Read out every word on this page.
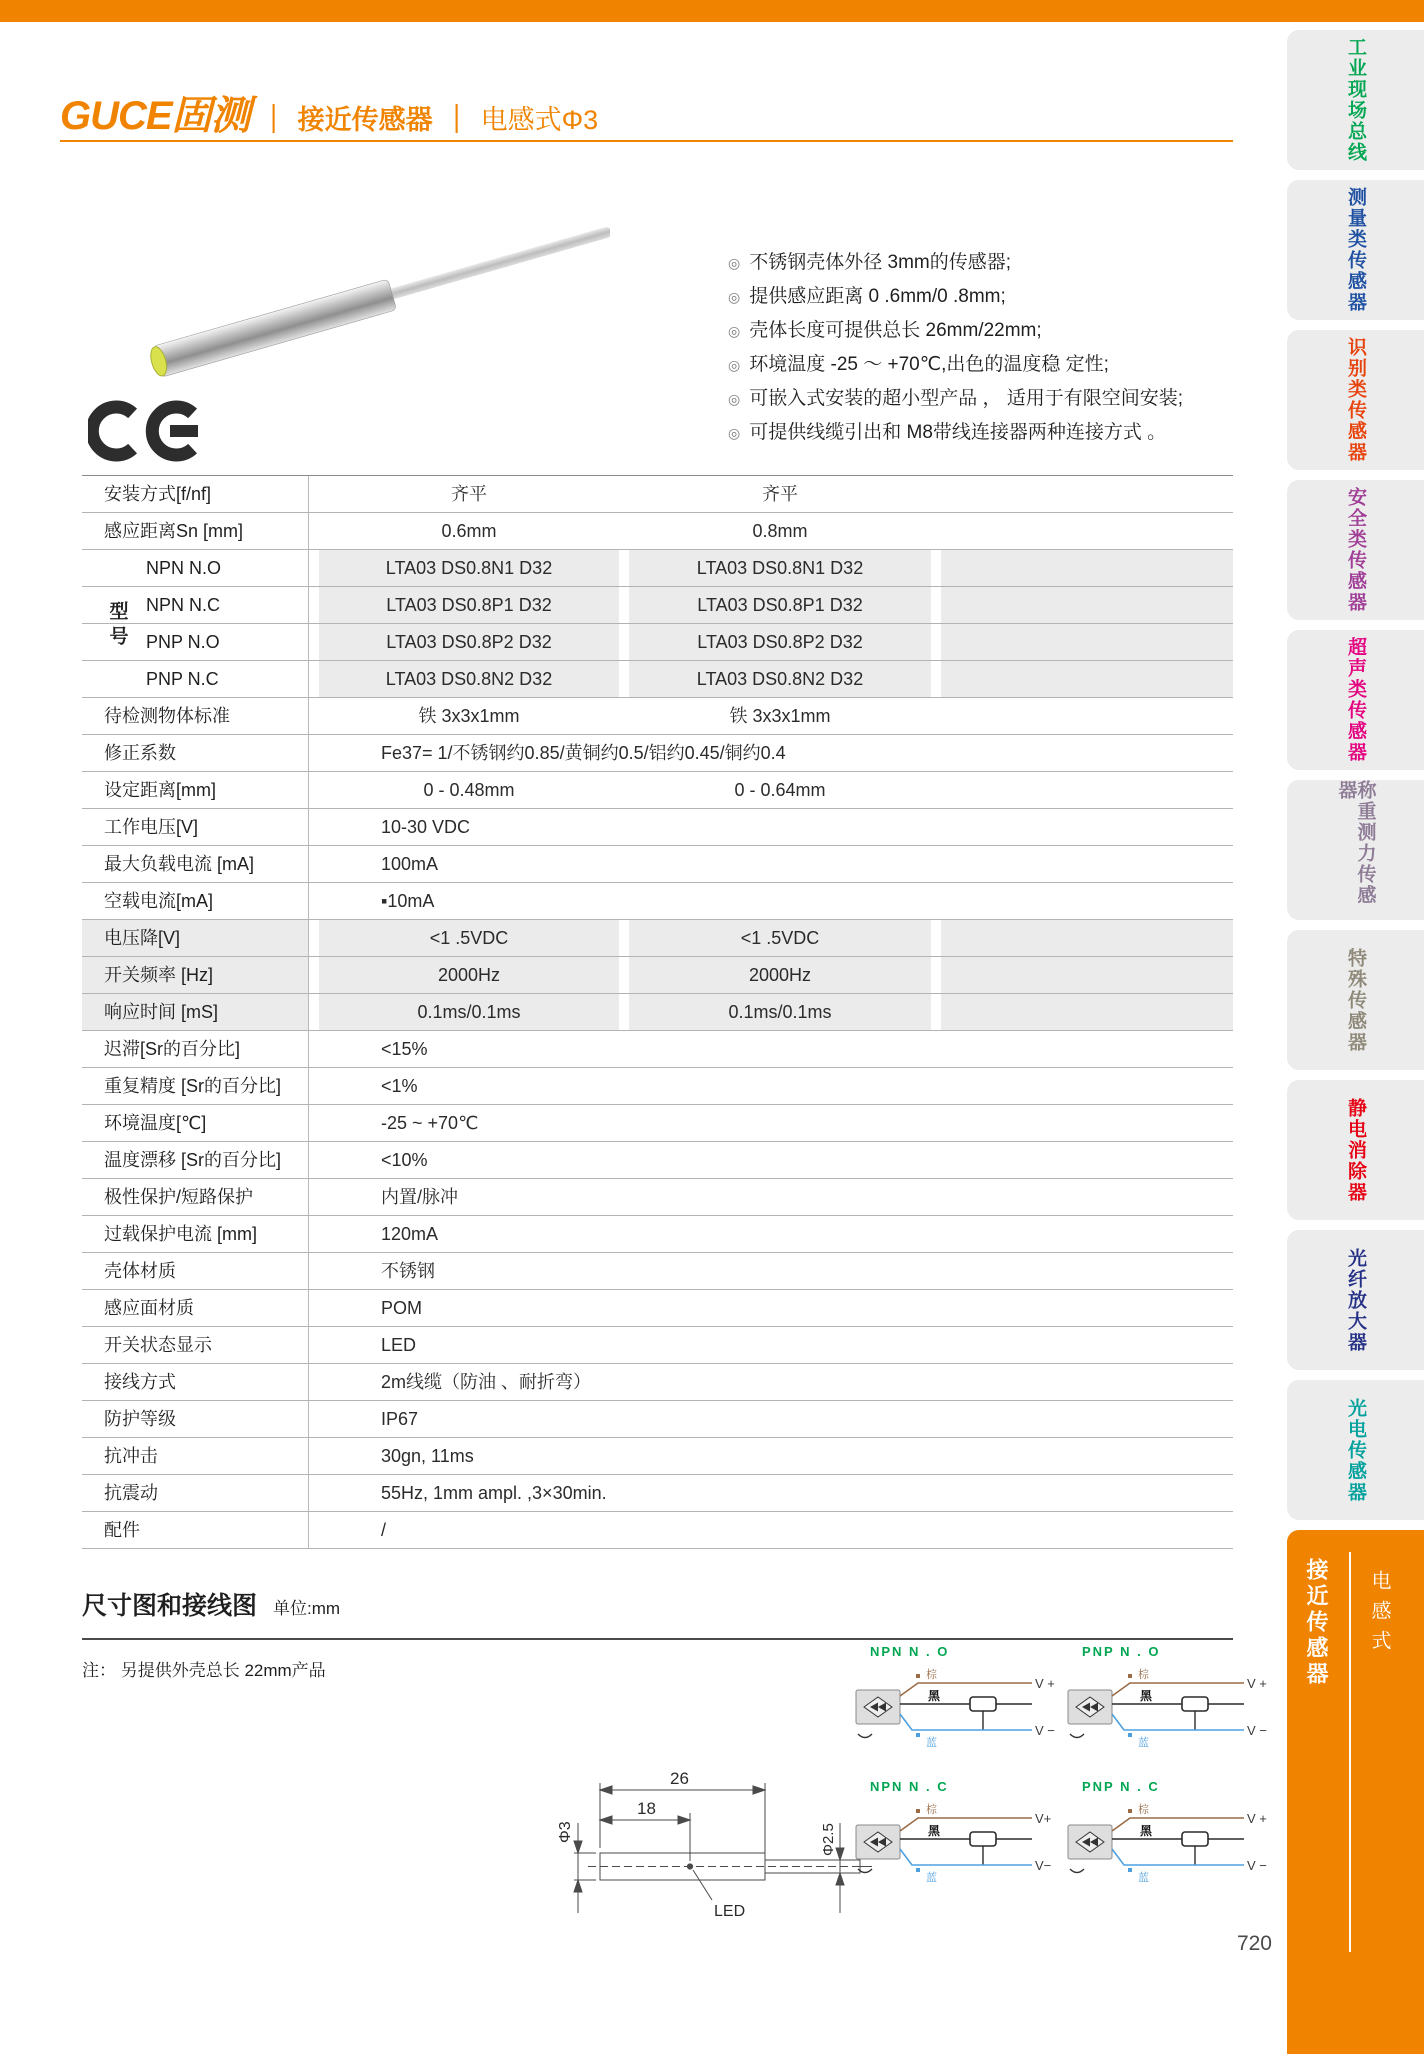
GUCE固测 ｜ 接近传感器 ｜ 电感式Φ3
◎ 不锈钢壳体外径 3mm的传感器;
◎ 提供感应距离 0 .6mm/0 .8mm;
◎ 壳体长度可提供总长 26mm/22mm;
◎ 环境温度 -25 ～ +70℃,出色的温度稳 定性;
◎ 可嵌入式安装的超小型产品 ， 适用于有限空间安装;
◎ 可提供线缆引出和 M8带线连接器两种连接方式 。
安装方式[f/nf]	齐平	齐平
感应距离Sn [mm]	0.6mm	0.8mm
NPN N.O	LTA03 DS0.8N1 D32	LTA03 DS0.8N1 D32
NPN N.C	LTA03 DS0.8P1 D32	LTA03 DS0.8P1 D32
PNP N.O	LTA03 DS0.8P2 D32	LTA03 DS0.8P2 D32
PNP N.C	LTA03 DS0.8N2 D32	LTA03 DS0.8N2 D32
待检测物体标准	铁 3x3x1mm	铁 3x3x1mm
修正系数	Fe37= 1/不锈钢约0.85/黄铜约0.5/铝约0.45/铜约0.4
设定距离[mm]	0 - 0.48mm	0 - 0.64mm
工作电压[V]	10-30 VDC
最大负载电流 [mA]	100mA
空载电流[mA]	▪10mA
电压降[V]	<1 .5VDC	<1 .5VDC
开关频率 [Hz]	2000Hz	2000Hz
响应时间 [mS]	0.1ms/0.1ms	0.1ms/0.1ms
迟滞[Sr的百分比]	<15%
重复精度 [Sr的百分比]	<1%
环境温度[℃]	-25 ~ +70℃
温度漂移 [Sr的百分比]	<10%
极性保护/短路保护	内置/脉冲
过载保护电流 [mm]	120mA
壳体材质	不锈钢
感应面材质	POM
开关状态显示	LED
接线方式	2m线缆（防油 、耐折弯）
防护等级	IP67
抗冲击	30gn, 11ms
抗震动	55Hz, 1mm ampl. ,3×30min.
配件	/
型号
尺寸图和接线图 单位:mm
注： 另提供外壳总长 22mm产品
26
18
Φ3	Φ2.5
LED
NPN N . O
棕
V +
黑
蓝
V −
PNP N . O
棕
V +
黑
蓝
V −
NPN N . C
棕
V+
黑
蓝
V−
PNP N . C
棕
V +
黑
蓝
V −
720
工业现场总线
测量类传感器
识别类传感器
安全类传感器
超声类传感器
称重测力传感器
特殊传感器
静电消除器
光纤放大器
光电传感器
接近传感器 电感式
